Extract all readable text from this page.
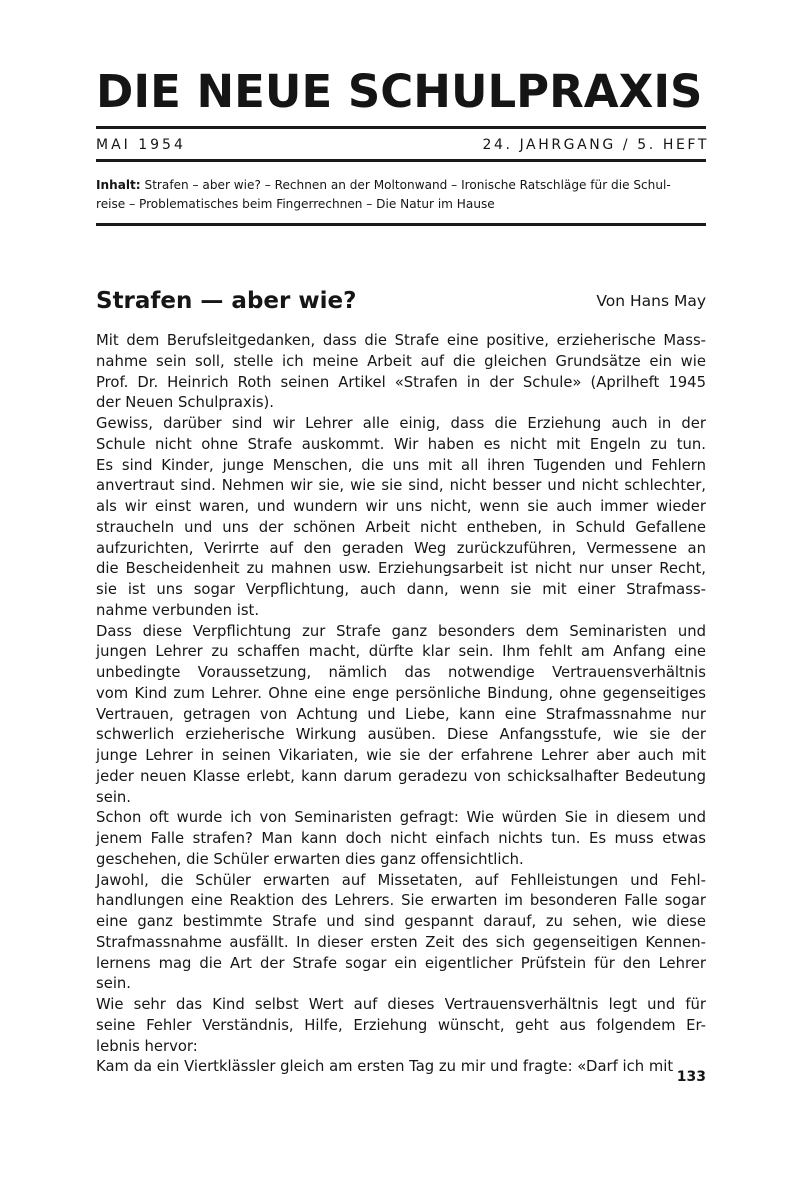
DIE NEUE SCHULPRAXIS
MAI 1954	24. JAHRGANG / 5. HEFT
Inhalt: Strafen – aber wie? – Rechnen an der Moltonwand – Ironische Ratschläge für die Schul-
reise – Problematisches beim Fingerrechnen – Die Natur im Hause
Strafen — aber wie?	Von Hans May

Mit dem Berufsleitgedanken, dass die Strafe eine positive, erzieherische Mass-
nahme sein soll, stelle ich meine Arbeit auf die gleichen Grundsätze ein wie
Prof. Dr. Heinrich Roth seinen Artikel «Strafen in der Schule» (Aprilheft 1945
der Neuen Schulpraxis).

Gewiss, darüber sind wir Lehrer alle einig, dass die Erziehung auch in der
Schule nicht ohne Strafe auskommt. Wir haben es nicht mit Engeln zu tun.
Es sind Kinder, junge Menschen, die uns mit all ihren Tugenden und Fehlern
anvertraut sind. Nehmen wir sie, wie sie sind, nicht besser und nicht schlechter,
als wir einst waren, und wundern wir uns nicht, wenn sie auch immer wieder
straucheln und uns der schönen Arbeit nicht entheben, in Schuld Gefallene
aufzurichten, Verirrte auf den geraden Weg zurückzuführen, Vermessene an
die Bescheidenheit zu mahnen usw. Erziehungsarbeit ist nicht nur unser Recht,
sie ist uns sogar Verpflichtung, auch dann, wenn sie mit einer Strafmass-
nahme verbunden ist.

Dass diese Verpflichtung zur Strafe ganz besonders dem Seminaristen und
jungen Lehrer zu schaffen macht, dürfte klar sein. Ihm fehlt am Anfang eine
unbedingte Voraussetzung, nämlich das notwendige Vertrauensverhältnis
vom Kind zum Lehrer. Ohne eine enge persönliche Bindung, ohne gegenseitiges
Vertrauen, getragen von Achtung und Liebe, kann eine Strafmassnahme nur
schwerlich erzieherische Wirkung ausüben. Diese Anfangsstufe, wie sie der
junge Lehrer in seinen Vikariaten, wie sie der erfahrene Lehrer aber auch mit
jeder neuen Klasse erlebt, kann darum geradezu von schicksalhafter Bedeutung
sein.

Schon oft wurde ich von Seminaristen gefragt: Wie würden Sie in diesem und
jenem Falle strafen? Man kann doch nicht einfach nichts tun. Es muss etwas
geschehen, die Schüler erwarten dies ganz offensichtlich.

Jawohl, die Schüler erwarten auf Missetaten, auf Fehlleistungen und Fehl-
handlungen eine Reaktion des Lehrers. Sie erwarten im besonderen Falle sogar
eine ganz bestimmte Strafe und sind gespannt darauf, zu sehen, wie diese
Strafmassnahme ausfällt. In dieser ersten Zeit des sich gegenseitigen Kennen-
lernens mag die Art der Strafe sogar ein eigentlicher Prüfstein für den Lehrer
sein.

Wie sehr das Kind selbst Wert auf dieses Vertrauensverhältnis legt und für
seine Fehler Verständnis, Hilfe, Erziehung wünscht, geht aus folgendem Er-
lebnis hervor:

Kam da ein Viertklässler gleich am ersten Tag zu mir und fragte: «Darf ich mit

133
